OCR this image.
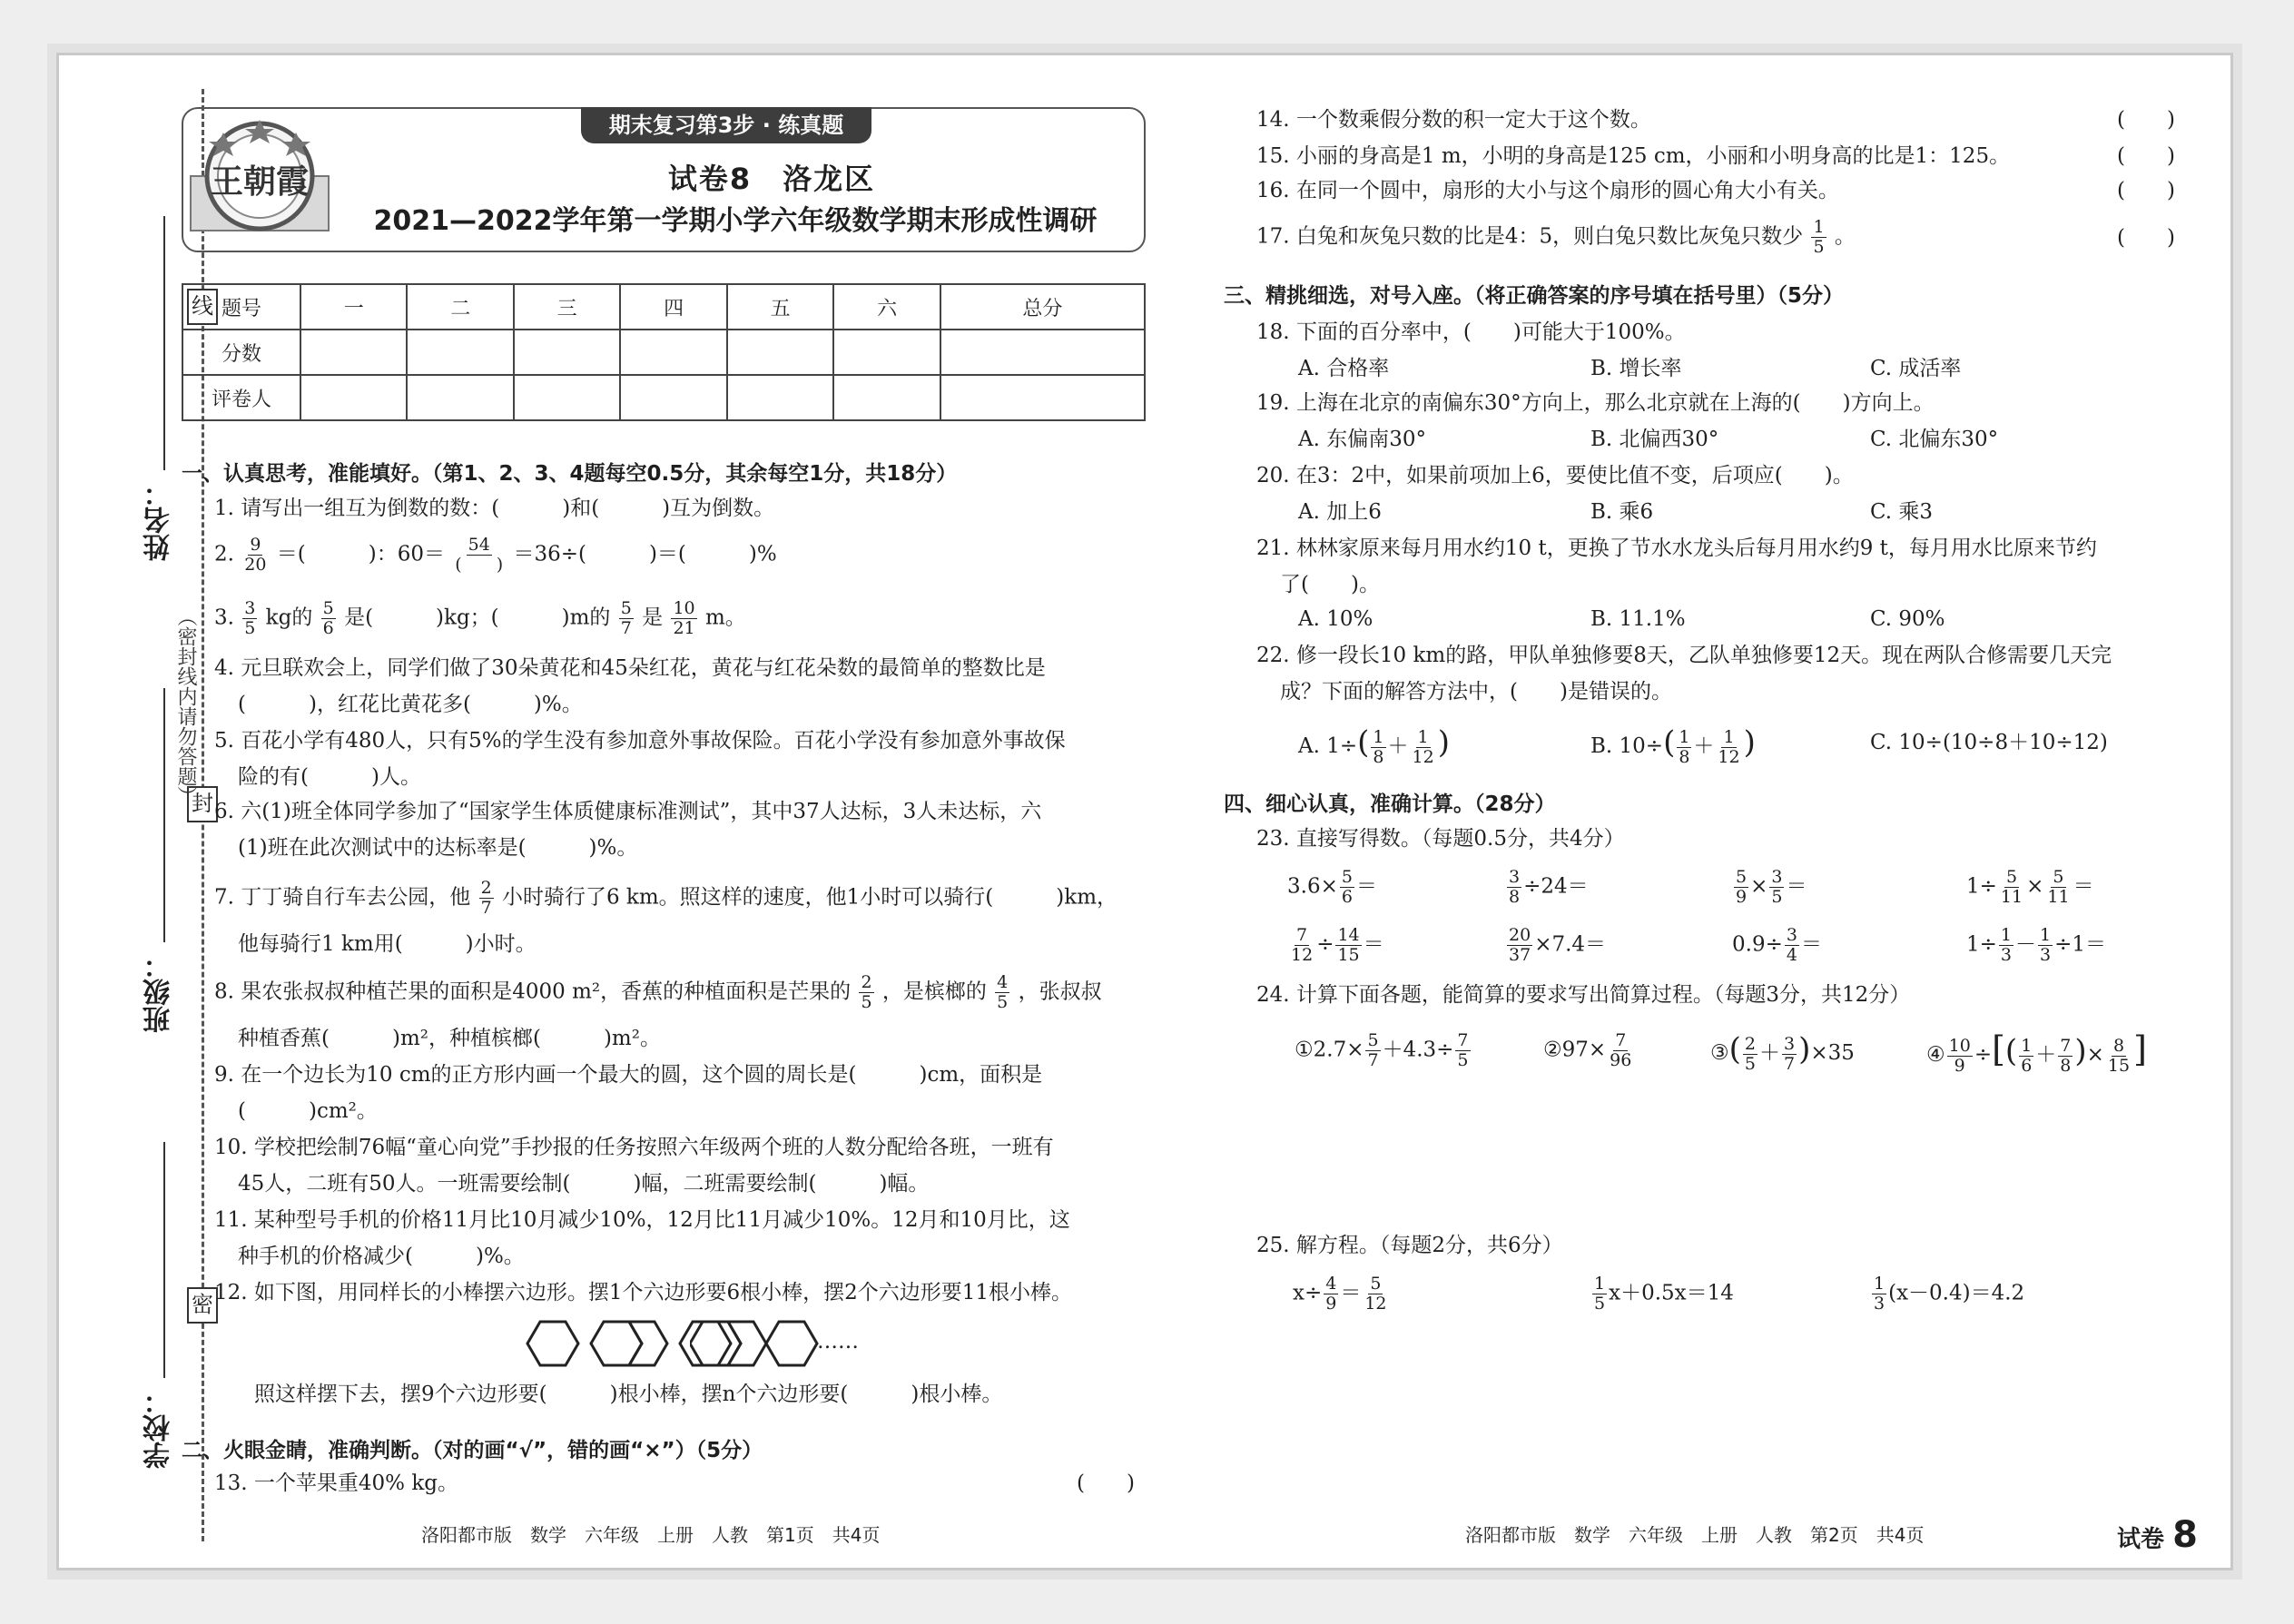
线
封
密
姓名：
班级：
学校：
（密封线内请勿答题）
王朝霞
期末复习第3步 · 练真题
试卷8　洛龙区
2021—2022学年第一学期小学六年级数学期末形成性调研
题号	一	二	三	四	五	六	总分
分数							
评卷人							
一、认真思考，准能填好。（第1、2、3、4题每空0.5分，其余每空1分，共18分）
1. 请写出一组互为倒数的数：(　　　)和(　　　)互为倒数。
2. $\frac{9}{20}$ ＝(　　　)：60＝ 54
(　　) ＝36÷(　　　)＝(　　　)%
3. $\frac{3}{5}$ kg的 $\frac{5}{6}$ 是(　　　)kg；(　　　)m的 $\frac{5}{7}$ 是 $\frac{10}{21}$ m。
4. 元旦联欢会上，同学们做了30朵黄花和45朵红花，黄花与红花朵数的最简单的整数比是
(　　　)，红花比黄花多(　　　)%。
5. 百花小学有480人，只有5%的学生没有参加意外事故保险。百花小学没有参加意外事故保
险的有(　　　)人。
6. 六(1)班全体同学参加了“国家学生体质健康标准测试”，其中37人达标，3人未达标，六
(1)班在此次测试中的达标率是(　　　)%。
7. 丁丁骑自行车去公园，他 $\frac{2}{7}$ 小时骑行了6 km。照这样的速度，他1小时可以骑行(　　　)km，
他每骑行1 km用(　　　)小时。
8. 果农张叔叔种植芒果的面积是4000 m²，香蕉的种植面积是芒果的 $\frac{2}{5}$ ，是槟榔的 $\frac{4}{5}$ ，张叔叔
种植香蕉(　　　)m²，种植槟榔(　　　)m²。
9. 在一个边长为10 cm的正方形内画一个最大的圆，这个圆的周长是(　　　)cm，面积是
(　　　)cm²。
10. 学校把绘制76幅“童心向党”手抄报的任务按照六年级两个班的人数分配给各班，一班有
45人，二班有50人。一班需要绘制(　　　)幅，二班需要绘制(　　　)幅。
11. 某种型号手机的价格11月比10月减少10%，12月比11月减少10%。12月和10月比，这
种手机的价格减少(　　　)%。
12. 如下图，用同样长的小棒摆六边形。摆1个六边形要6根小棒，摆2个六边形要11根小棒。
……
照这样摆下去，摆9个六边形要(　　　)根小棒，摆n个六边形要(　　　)根小棒。
二、火眼金睛，准确判断。（对的画“√”，错的画“×”）（5分）
13. 一个苹果重40% kg。	(　　)
14. 一个数乘假分数的积一定大于这个数。	(　　)
15. 小丽的身高是1 m，小明的身高是125 cm，小丽和小明身高的比是1：125。	(　　)
16. 在同一个圆中，扇形的大小与这个扇形的圆心角大小有关。	(　　)
17. 白兔和灰兔只数的比是4：5，则白兔只数比灰兔只数少 $\frac{1}{5}$ 。	(　　)
三、精挑细选，对号入座。（将正确答案的序号填在括号里）（5分）
18. 下面的百分率中，(　　)可能大于100%。
A. 合格率	B. 增长率	C. 成活率
19. 上海在北京的南偏东30°方向上，那么北京就在上海的(　　)方向上。
A. 东偏南30°	B. 北偏西30°	C. 北偏东30°
20. 在3：2中，如果前项加上6，要使比值不变，后项应(　　)。
A. 加上6	B. 乘6	C. 乘3
21. 林林家原来每月用水约10 t，更换了节水水龙头后每月用水约9 t，每月用水比原来节约
了(　　)。
A. 10%	B. 11.1%	C. 90%
22. 修一段长10 km的路，甲队单独修要8天，乙队单独修要12天。现在两队合修需要几天完
成？下面的解答方法中，(　　)是错误的。
A. $1\div( \frac{1}{8} + \frac{1}{12}$ )	B. $10\div( \frac{1}{8} + \frac{1}{12}$ )	C. 10÷(10÷8＋10÷12)
四、细心认真，准确计算。（28分）
23. 直接写得数。（每题0.5分，共4分）
$3.6\times \frac{5}{6}$ ＝	$\frac{3}{8} \div 24=$	$\frac{5}{9} \times \frac{3}{5}$ ＝	$1\div \frac{5}{11} \times \frac{5}{11}$ ＝
$\frac{7}{12} \div \frac{14}{15}$ ＝	$\frac{20}{37} \times 7.4=$	$0.9\div \frac{3}{4}$ ＝	$1\div \frac{1}{3} - \frac{1}{3} \div 1=$
24. 计算下面各题，能简算的要求写出简算过程。（每题3分，共12分）
①2.7× $\frac{5}{7} +4.3\div \frac{7}{5}$	②97× $\frac{7}{96}$	③( $\frac{2}{5} + \frac{3}{7} )\times 35$	④ $\frac{10}{9}$ ÷[( $\frac{1}{6} + \frac{7}{8}$ )× $\frac{8}{15}$ ]
25. 解方程。（每题2分，共6分）
$x\div \frac{4}{9} = \frac{5}{12}$	$\frac{1}{5} x+0.5x=14$	$\frac{1}{3} (x-0.4)=4.2$
洛阳都市版　数学　六年级　上册　人教　第1页　共4页	洛阳都市版　数学　六年级　上册　人教　第2页　共4页	试卷 8
